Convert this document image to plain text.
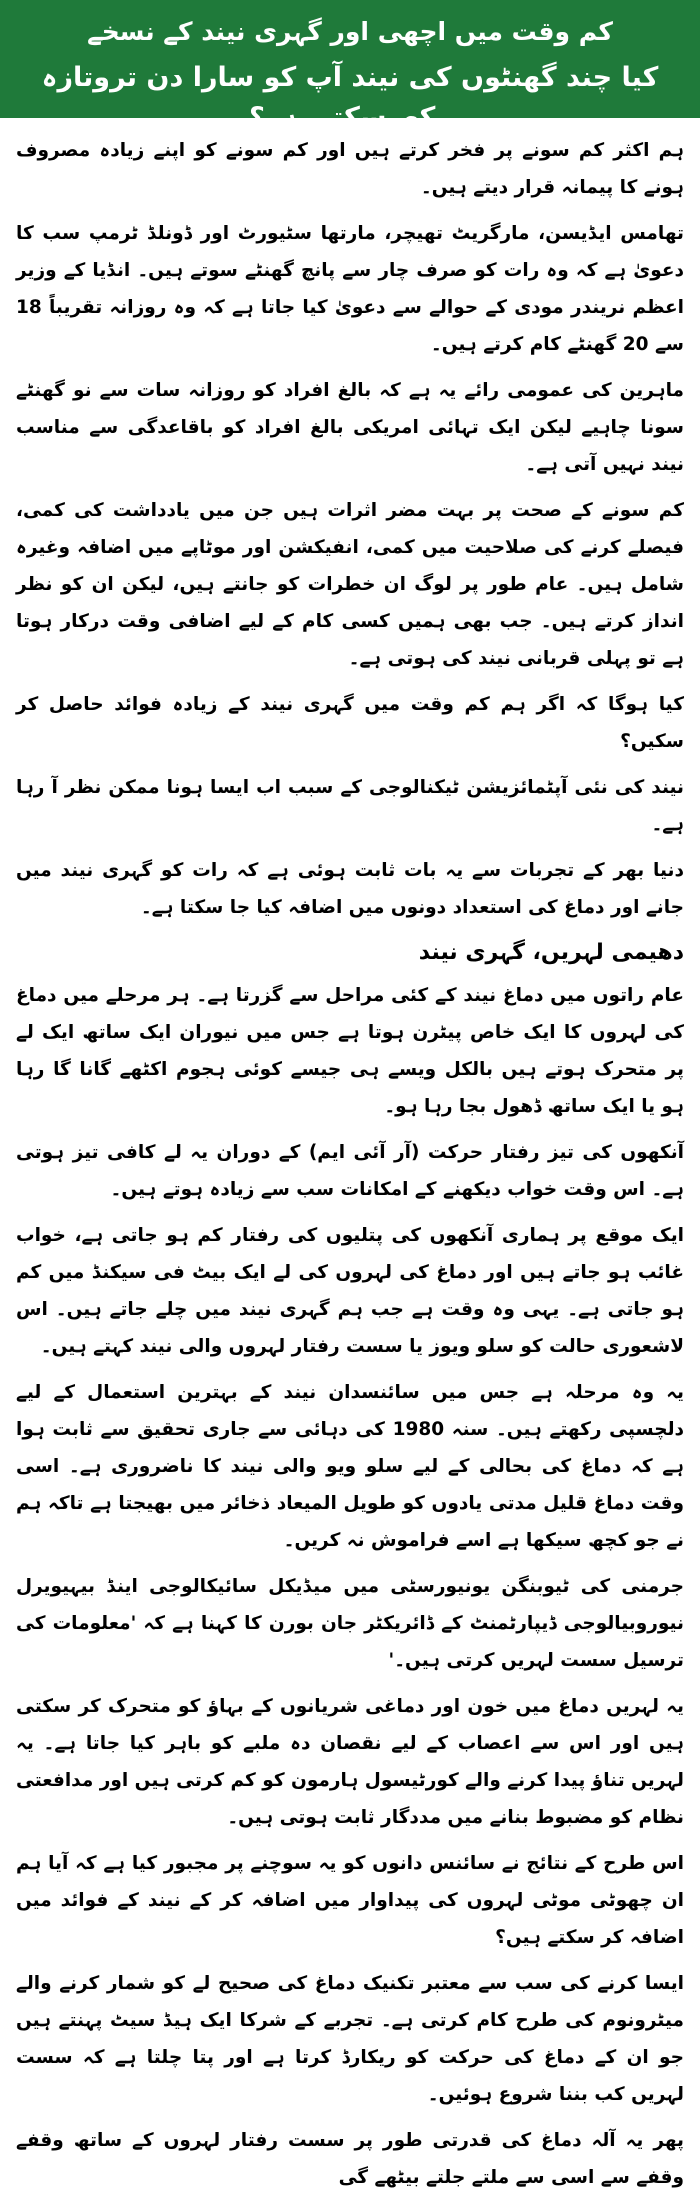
کم وقت میں اچھی اور گہری نیند کے نسخے
کیا چند گھنٹوں کی نیند آپ کو سارا دن تروتازہ رکھ سکتی ہے؟

ہم اکثر کم سونے پر فخر کرتے ہیں اور کم سونے کو اپنے زیادہ مصروف ہونے کا پیمانہ قرار دیتے ہیں۔

تھامس ایڈیسن، مارگریٹ تھیچر، مارتھا سٹیورٹ اور ڈونلڈ ٹرمپ سب کا دعویٰ ہے کہ وہ رات کو صرف چار سے پانچ گھنٹے سوتے ہیں۔ انڈیا کے وزیر اعظم نریندر مودی کے حوالے سے دعویٰ کیا جاتا ہے کہ وہ روزانہ تقریباً 18 سے 20 گھنٹے کام کرتے ہیں۔

ماہرین کی عمومی رائے یہ ہے کہ بالغ افراد کو روزانہ سات سے نو گھنٹے سونا چاہیے لیکن ایک تہائی امریکی بالغ افراد کو باقاعدگی سے مناسب نیند نہیں آتی ہے۔

کم سونے کے صحت پر بہت مضر اثرات ہیں جن میں یادداشت کی کمی، فیصلے کرنے کی صلاحیت میں کمی، انفیکشن اور موٹاپے میں اضافہ وغیرہ شامل ہیں۔ عام طور پر لوگ ان خطرات کو جانتے ہیں، لیکن ان کو نظر انداز کرتے ہیں۔ جب بھی ہمیں کسی کام کے لیے اضافی وقت درکار ہوتا ہے تو پہلی قربانی نیند کی ہوتی ہے۔

کیا ہوگا کہ اگر ہم کم وقت میں گہری نیند کے زیادہ فوائد حاصل کر سکیں؟

نیند کی نئی آپٹمائزیشن ٹیکنالوجی کے سبب اب ایسا ہونا ممکن نظر آ رہا ہے۔

دنیا بھر کے تجربات سے یہ بات ثابت ہوئی ہے کہ رات کو گہری نیند میں جانے اور دماغ کی استعداد دونوں میں اضافہ کیا جا سکتا ہے۔

دھیمی لہریں، گہری نیند

عام راتوں میں دماغ نیند کے کئی مراحل سے گزرتا ہے۔ ہر مرحلے میں دماغ کی لہروں کا ایک خاص پیٹرن ہوتا ہے جس میں نیوران ایک ساتھ ایک لے پر متحرک ہوتے ہیں بالکل ویسے ہی جیسے کوئی ہجوم اکٹھے گانا گا رہا ہو یا ایک ساتھ ڈھول بجا رہا ہو۔

آنکھوں کی تیز رفتار حرکت (آر آئی ایم) کے دوران یہ لے کافی تیز ہوتی ہے۔ اس وقت خواب دیکھنے کے امکانات سب سے زیادہ ہوتے ہیں۔

ایک موقع پر ہماری آنکھوں کی پتلیوں کی رفتار کم ہو جاتی ہے، خواب غائب ہو جاتے ہیں اور دماغ کی لہروں کی لے ایک بیٹ فی سیکنڈ میں کم ہو جاتی ہے۔ یہی وہ وقت ہے جب ہم گہری نیند میں چلے جاتے ہیں۔ اس لاشعوری حالت کو سلو ویوز یا سست رفتار لہروں والی نیند کہتے ہیں۔

یہ وہ مرحلہ ہے جس میں سائنسدان نیند کے بہترین استعمال کے لیے دلچسپی رکھتے ہیں۔ سنہ 1980 کی دہائی سے جاری تحقیق سے ثابت ہوا ہے کہ دماغ کی بحالی کے لیے سلو ویو والی نیند کا ناضروری ہے۔ اسی وقت دماغ قلیل مدتی یادوں کو طویل المیعاد ذخائر میں بھیجتا ہے تاکہ ہم نے جو کچھ سیکھا ہے اسے فراموش نہ کریں۔

جرمنی کی ٹیوبنگن یونیورسٹی میں میڈیکل سائیکالوجی اینڈ بیہیویرل نیوروبیالوجی ڈیپارٹمنٹ کے ڈائریکٹر جان بورن کا کہنا ہے کہ 'معلومات کی ترسیل سست لہریں کرتی ہیں۔'

یہ لہریں دماغ میں خون اور دماغی شریانوں کے بہاؤ کو متحرک کر سکتی ہیں اور اس سے اعصاب کے لیے نقصان دہ ملبے کو باہر کیا جاتا ہے۔ یہ لہریں تناؤ پیدا کرنے والے کورٹیسول ہارمون کو کم کرتی ہیں اور مدافعتی نظام کو مضبوط بنانے میں مددگار ثابت ہوتی ہیں۔

اس طرح کے نتائج نے سائنس دانوں کو یہ سوچنے پر مجبور کیا ہے کہ آیا ہم ان چھوٹی موٹی لہروں کی پیداوار میں اضافہ کر کے نیند کے فوائد میں اضافہ کر سکتے ہیں؟

ایسا کرنے کی سب سے معتبر تکنیک دماغ کی صحیح لے کو شمار کرنے والے میٹرونوم کی طرح کام کرتی ہے۔ تجربے کے شرکا ایک ہیڈ سیٹ پہنتے ہیں جو ان کے دماغ کی حرکت کو ریکارڈ کرتا ہے اور پتا چلتا ہے کہ سست لہریں کب بننا شروع ہوئیں۔

پھر یہ آلہ دماغ کی قدرتی طور پر سست رفتار لہروں کے ساتھ وقفے وقفے سے اسی سے ملتے جلتے بیٹھے گی
